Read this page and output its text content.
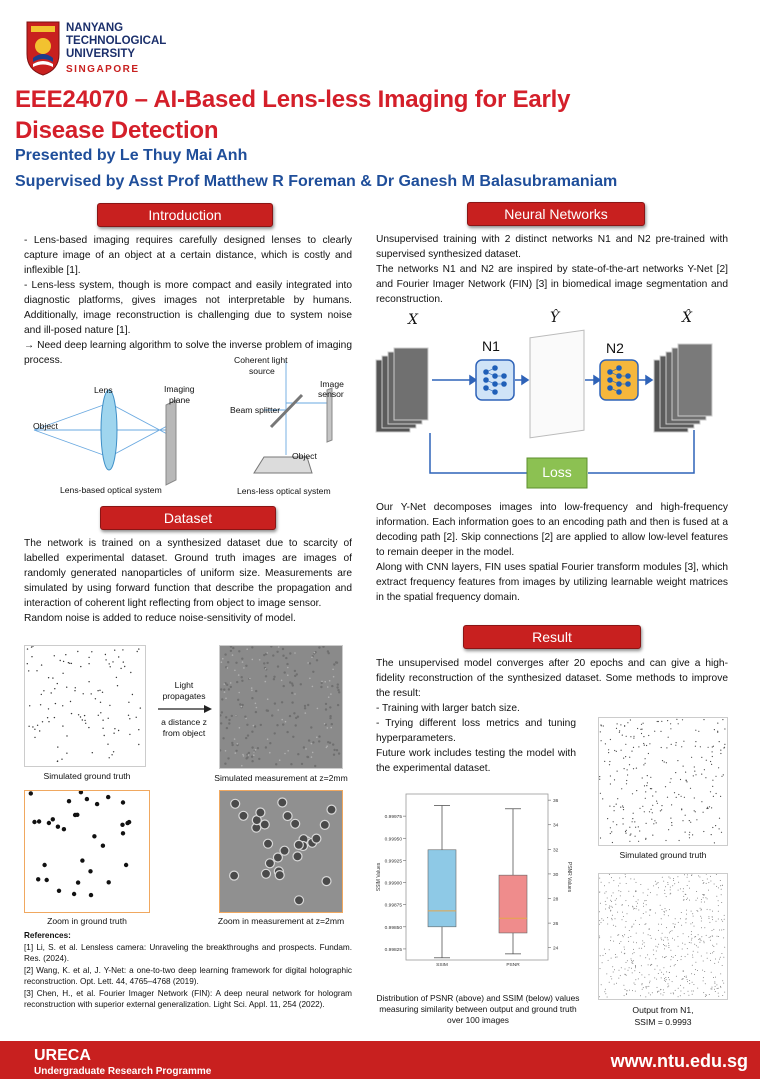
NANYANG
TECHNOLOGICAL
UNIVERSITY
SINGAPORE
EEE24070 – AI-Based Lens-less Imaging for Early
Disease Detection
Presented by Le Thuy Mai Anh
Supervised by Asst Prof Matthew R Foreman & Dr Ganesh M Balasubramaniam
Introduction

- Lens-based imaging requires carefully designed lenses to clearly capture image of an object at a certain distance, which is costly and inflexible [1].

- Lens-less system, though is more compact and easily integrated into diagnostic platforms, gives images not interpretable by humans. Additionally, image reconstruction is challenging due to system noise and ill-posed nature [1].

→ Need deep learning algorithm to solve the inverse problem of imaging process.

Lens	Imaging
plane
Object
Lens-based optical system
Coherent light
source
Image
sensor
Beam splitter
Object
Lens-less optical system
Dataset

The network is trained on a synthesized dataset due to scarcity of labelled experimental dataset. Ground truth images are images of randomly generated nanoparticles of uniform size. Measurements are simulated by using forward function that describe the propagation and interaction of coherent light reflecting from object to image sensor.

Random noise is added to reduce noise-sensitivity of model.

Simulated ground truth
Light
propagates
a distance z
from object
Simulated measurement at z=2mm
Zoom in ground truth	Zoom in measurement at z=2mm
References:
[1] Li, S. et al. Lensless camera: Unraveling the breakthroughs and prospects. Fundam. Res. (2024).
[2] Wang, K. et al, J. Y-Net: a one-to-two deep learning framework for digital holographic reconstruction. Opt. Lett. 44, 4765–4768 (2019).
[3] Chen, H., et al. Fourier Imager Network (FIN): A deep neural network for hologram reconstruction with superior external generalization. Light Sci. Appl. 11, 254 (2022).
Neural Networks

Unsupervised training with 2 distinct networks N1 and N2 pre-trained with supervised synthesized dataset.

The networks N1 and N2 are inspired by state-of-the-art networks Y-Net [2] and Fourier Imager Network (FIN) [3] in biomedical image segmentation and reconstruction.

X	Ŷ	X̂
N1	N2
Loss

Our Y-Net decomposes images into low-frequency and high-frequency information. Each information goes to an encoding path and then is fused at a decoding path [2]. Skip connections [2] are applied to allow low-level features to remain deeper in the model.

Along with CNN layers, FIN uses spatial Fourier transform modules [3], which extract frequency features from images by utilizing learnable weight matrices in the spatial frequency domain.

Result

The unsupervised model converges after 20 epochs and can give a high-fidelity reconstruction of the synthesized dataset. Some methods to improve the result:

- Training with larger batch size.

- Trying different loss metrics and tuning hyperparameters.

Future work includes testing the model with the experimental dataset.

0.99975
0.99950
0.99925
0.99900
0.99875
0.99850
0.99825
36
34
32
30
28
26
24
SSIM Values	PSNR Values
SSIM	PSNR
Distribution of PSNR (above) and SSIM (below) values measuring similarity between output and ground truth over 100 images
Simulated ground truth
Output from N1,
SSIM = 0.9993
URECA
Undergraduate Research Programme
www.ntu.edu.sg
